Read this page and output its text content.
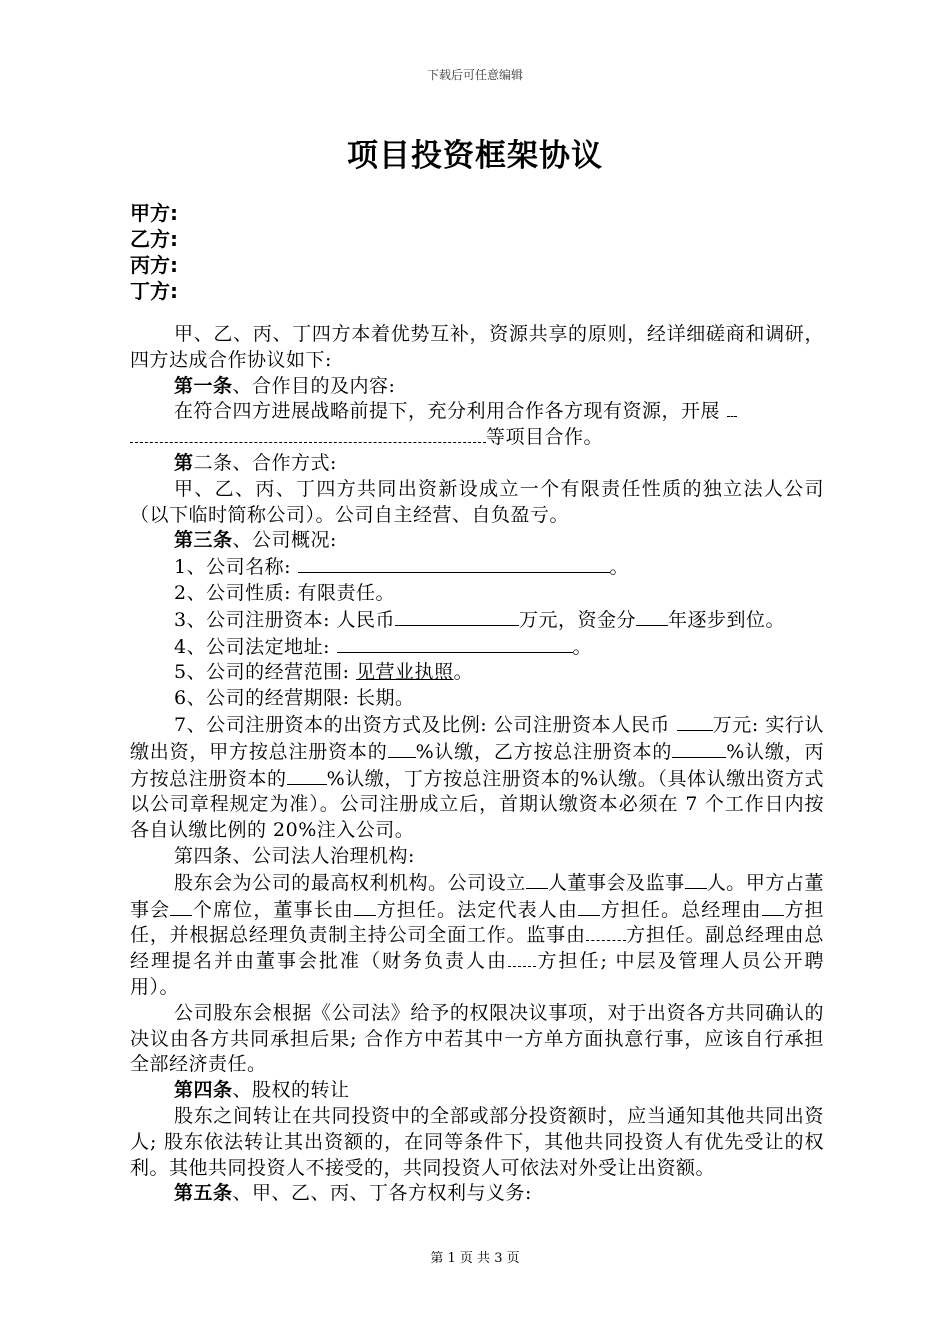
下载后可任意编辑
项目投资框架协议
甲方:
乙方:
丙方:
丁方:

甲、乙、丙、丁四方本着优势互补，资源共享的原则，经详细磋商和调研，四方达成合作协议如下:

第一条、合作目的及内容:

在符合四方进展战略前提下，充分利用合作各方现有资源，开展
等项目合作。

第二条、合作方式:

甲、乙、丙、丁四方共同出资新设成立一个有限责任性质的独立法人公司（以下临时简称公司）。公司自主经营、自负盈亏。

第三条、公司概况:

1、公司名称:	。

2、公司性质: 有限责任。

3、公司注册资本: 人民币	万元，资金分 年逐步到位。

4、公司法定地址:	。

5、公司的经营范围: 见营业执照。

6、公司的经营期限: 长期。

7、公司注册资本的出资方式及比例: 公司注册资本人民币 万元: 实行认缴出资，甲方按总注册资本的 %认缴，乙方按总注册资本的	%认缴，丙方按总注册资本的 %认缴，丁方按总注册资本的%认缴。（具体认缴出资方式以公司章程规定为准）。公司注册成立后，首期认缴资本必须在 7 个工作日内按各自认缴比例的 20%注入公司。

第四条、公司法人治理机构:

股东会为公司的最高权利机构。公司设立 人董事会及监事 人。甲方占董事会 个席位，董事长由 方担任。法定代表人由 方担任。总经理由 方担任，并根据总经理负责制主持公司全面工作。监事由 方担任。副总经理由总经理提名并由董事会批准（财务负责人由 方担任; 中层及管理人员公开聘用）。

公司股东会根据《公司法》给予的权限决议事项，对于出资各方共同确认的决议由各方共同承担后果; 合作方中若其中一方单方面执意行事，应该自行承担全部经济责任。

第四条、股权的转让

股东之间转让在共同投资中的全部或部分投资额时，应当通知其他共同出资人; 股东依法转让其出资额的，在同等条件下，其他共同投资人有优先受让的权利。其他共同投资人不接受的，共同投资人可依法对外受让出资额。

第五条、甲、乙、丙、丁各方权利与义务:

第 1 页 共 3 页
